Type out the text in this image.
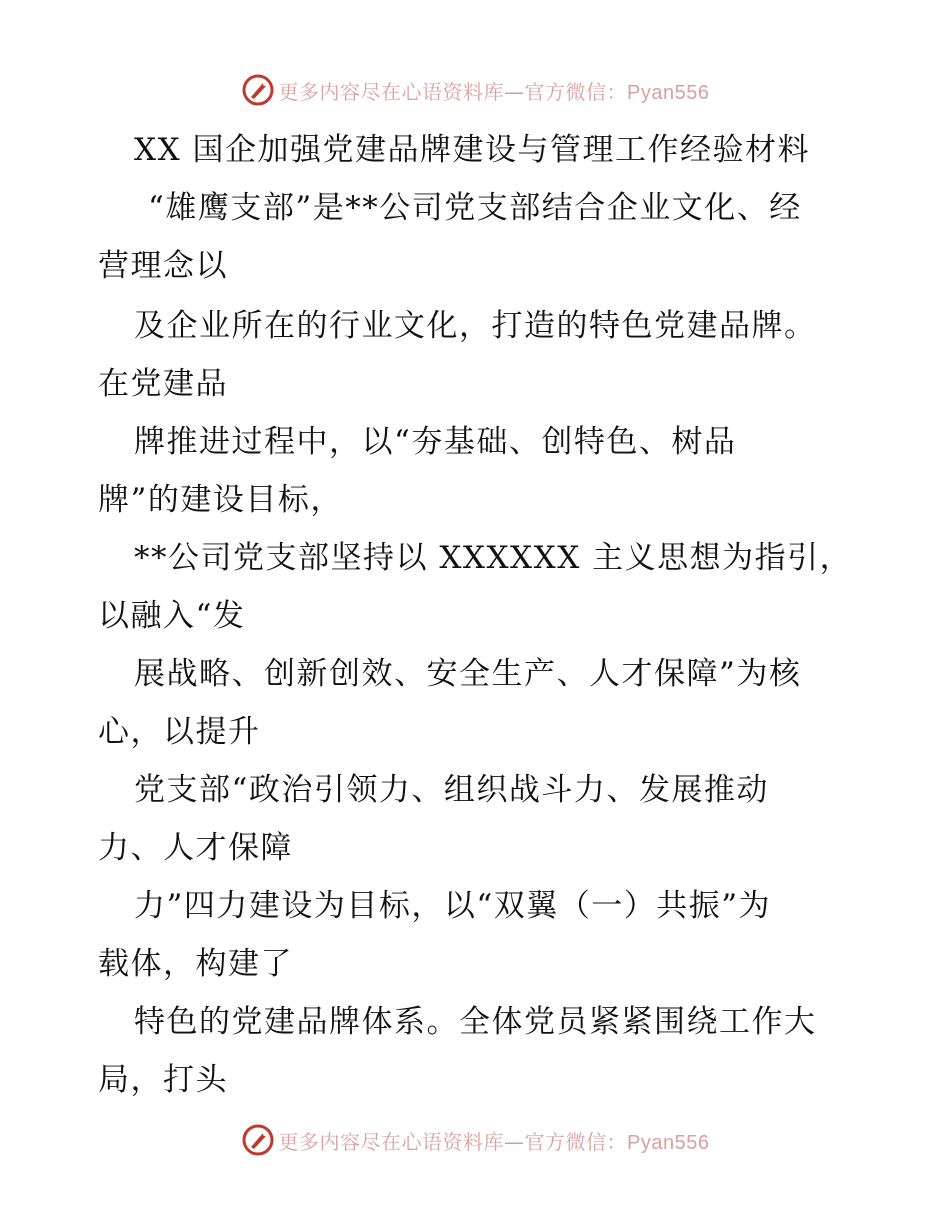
更多内容尽在心语资料库—官方微信：Pyan556
XX 国企加强党建品牌建设与管理工作经验材料
“雄鹰支部”是**公司党支部结合企业文化、经
营理念以
及企业所在的行业文化，打造的特色党建品牌。
在党建品
牌推进过程中，以“夯基础、创特色、树品
牌”的建设目标，
**公司党支部坚持以 XXXXXX 主义思想为指引，
以融入“发
展战略、创新创效、安全生产、人才保障”为核
心，以提升
党支部“政治引领力、组织战斗力、发展推动
力、人才保障
力”四力建设为目标，以“双翼（一）共振”为
载体，构建了
特色的党建品牌体系。全体党员紧紧围绕工作大
局，打头
更多内容尽在心语资料库—官方微信：Pyan556
